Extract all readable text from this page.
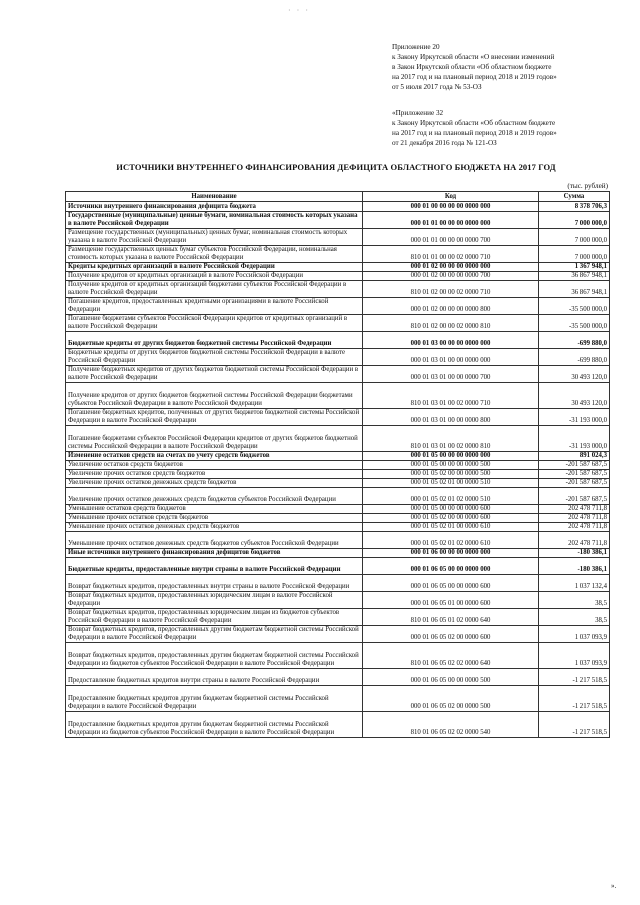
· · ·
Приложение 20
к Закону Иркутской области «О внесении изменений
в Закон Иркутской области «Об областном бюджете
на 2017 год и на плановый период 2018 и 2019 годов»
от 5 июля 2017 года № 53-ОЗ
«Приложение 32
к Закону Иркутской области «Об областном бюджете
на 2017 год и на плановый период 2018 и 2019 годов»
от 21 декабря 2016 года № 121-ОЗ
ИСТОЧНИКИ ВНУТРЕННЕГО ФИНАНСИРОВАНИЯ ДЕФИЦИТА ОБЛАСТНОГО БЮДЖЕТА НА 2017 ГОД
(тыс. рублей)
Наименование	Код	Сумма
Источники внутреннего финансирования дефицита бюджета	000 01 00 00 00 00 0000 000	8 378 706,3
Государственные (муниципальные) ценные бумаги, номинальная стоимость которых указана в валюте Российской Федерации	000 01 01 00 00 00 0000 000	7 000 000,0
Размещение государственных (муниципальных) ценных бумаг, номинальная стоимость которых указана в валюте Российской Федерации	000 01 01 00 00 00 0000 700	7 000 000,0
Размещение государственных ценных бумаг субъектов Российской Федерации, номинальная стоимость которых указана в валюте Российской Федерации	810 01 01 00 00 02 0000 710	7 000 000,0
Кредиты кредитных организаций в валюте Российской Федерации	000 01 02 00 00 00 0000 000	1 367 948,1
Получение кредитов от кредитных организаций в валюте Российской Федерации	000 01 02 00 00 00 0000 700	36 867 948,1
Получение кредитов от кредитных организаций бюджетами субъектов Российской Федерации в валюте Российской Федерации	810 01 02 00 00 02 0000 710	36 867 948,1
Погашение кредитов, предоставленных кредитными организациями в валюте Российской Федерации	000 01 02 00 00 00 0000 800	-35 500 000,0
Погашение бюджетами субъектов Российской Федерации кредитов от кредитных организаций в валюте Российской Федерации	810 01 02 00 00 02 0000 810	-35 500 000,0
Бюджетные кредиты от других бюджетов бюджетной системы Российской Федерации	000 01 03 00 00 00 0000 000	-699 880,0
Бюджетные кредиты от других бюджетов бюджетной системы Российской Федерации в валюте Российской Федерации	000 01 03 01 00 00 0000 000	-699 880,0
Получение бюджетных кредитов от других бюджетов бюджетной системы Российской Федерации в валюте Российской Федерации	000 01 03 01 00 00 0000 700	30 493 120,0
Получение кредитов от других бюджетов бюджетной системы Российской Федерации бюджетами субъектов Российской Федерации в валюте Российской Федерации	810 01 03 01 00 02 0000 710	30 493 120,0
Погашение бюджетных кредитов, полученных от других бюджетов бюджетной системы Российской Федерации в валюте Российской Федерации	000 01 03 01 00 00 0000 800	-31 193 000,0
Погашение бюджетами субъектов Российской Федерации кредитов от других бюджетов бюджетной системы Российской Федерации в валюте Российской Федерации	810 01 03 01 00 02 0000 810	-31 193 000,0
Изменение остатков средств на счетах по учету средств бюджетов	000 01 05 00 00 00 0000 000	891 024,3
Увеличение остатков средств бюджетов	000 01 05 00 00 00 0000 500	-201 587 687,5
Увеличение прочих остатков средств бюджетов	000 01 05 02 00 00 0000 500	-201 587 687,5
Увеличение прочих остатков денежных средств бюджетов	000 01 05 02 01 00 0000 510	-201 587 687,5
Увеличение прочих остатков денежных средств бюджетов субъектов Российской Федерации	000 01 05 02 01 02 0000 510	-201 587 687,5
Уменьшение остатков средств бюджетов	000 01 05 00 00 00 0000 600	202 478 711,8
Уменьшение прочих остатков средств бюджетов	000 01 05 02 00 00 0000 600	202 478 711,8
Уменьшение прочих остатков денежных средств бюджетов	000 01 05 02 01 00 0000 610	202 478 711,8
Уменьшение прочих остатков денежных средств бюджетов субъектов Российской Федерации	000 01 05 02 01 02 0000 610	202 478 711,8
Иные источники внутреннего финансирования дефицитов бюджетов	000 01 06 00 00 00 0000 000	-180 386,1
Бюджетные кредиты, предоставленные внутри страны в валюте Российской Федерации	000 01 06 05 00 00 0000 000	-180 386,1
Возврат бюджетных кредитов, предоставленных внутри страны в валюте Российской Федерации	000 01 06 05 00 00 0000 600	1 037 132,4
Возврат бюджетных кредитов, предоставленных юридическим лицам в валюте Российской Федерации	000 01 06 05 01 00 0000 600	38,5
Возврат бюджетных кредитов, предоставленных юридическим лицам из бюджетов субъектов Российской Федерации в валюте Российской Федерации	810 01 06 05 01 02 0000 640	38,5
Возврат бюджетных кредитов, предоставленных другим бюджетам бюджетной системы Российской Федерации в валюте Российской Федерации	000 01 06 05 02 00 0000 600	1 037 093,9
Возврат бюджетных кредитов, предоставленных другим бюджетам бюджетной системы Российской Федерации из бюджетов субъектов Российской Федерации в валюте Российской Федерации	810 01 06 05 02 02 0000 640	1 037 093,9
Предоставление бюджетных кредитов внутри страны в валюте Российской Федерации	000 01 06 05 00 00 0000 500	-1 217 518,5
Предоставление бюджетных кредитов другим бюджетам бюджетной системы Российской Федерации в валюте Российской Федерации	000 01 06 05 02 00 0000 500	-1 217 518,5
Предоставление бюджетных кредитов другим бюджетам бюджетной системы Российской Федерации из бюджетов субъектов Российской Федерации в валюте Российской Федерации	810 01 06 05 02 02 0000 540	-1 217 518,5
».
